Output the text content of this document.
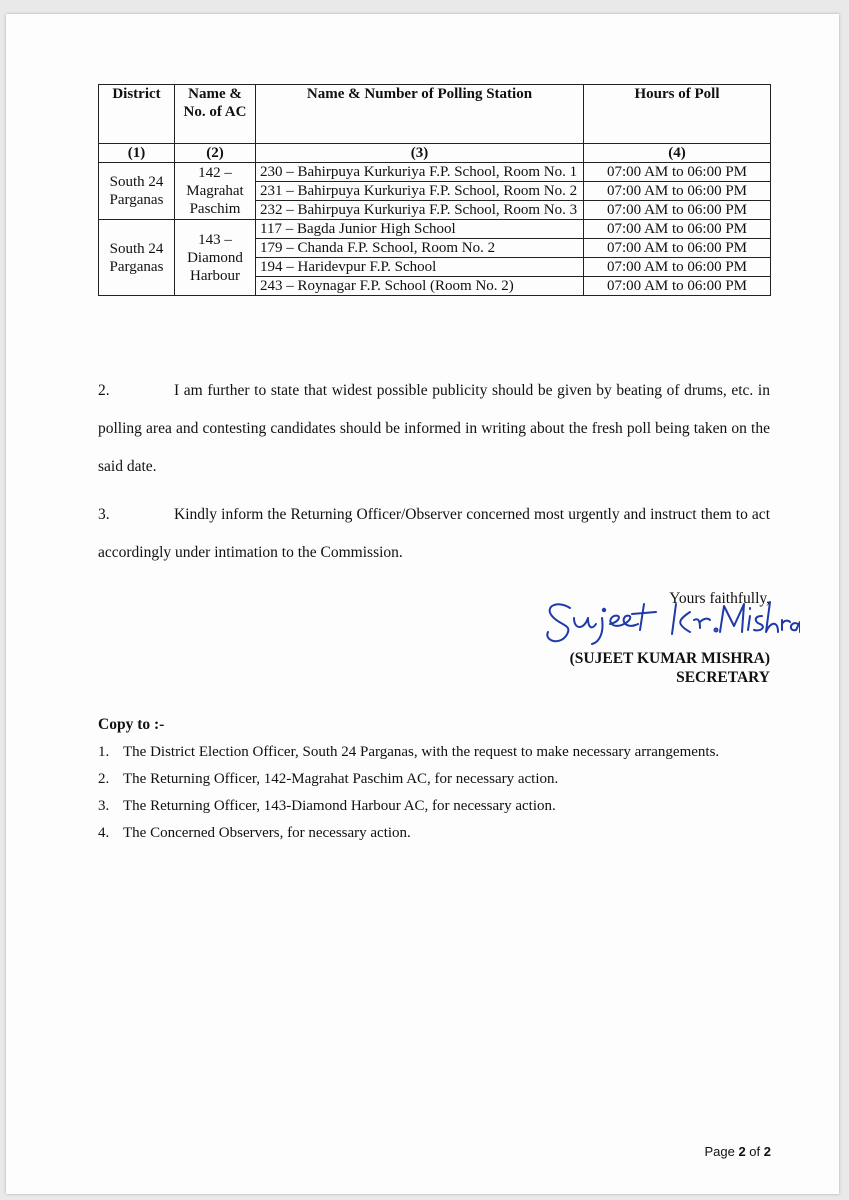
District	Name & No. of AC	Name & Number of Polling Station	Hours of Poll
(1)	(2)	(3)	(4)
South 24 Parganas	142 – Magrahat Paschim	230 – Bahirpuya Kurkuriya F.P. School, Room No. 1	07:00 AM to 06:00 PM
		231 – Bahirpuya Kurkuriya F.P. School, Room No. 2	07:00 AM to 06:00 PM
		232 – Bahirpuya Kurkuriya F.P. School, Room No. 3	07:00 AM to 06:00 PM
South 24 Parganas	143 – Diamond Harbour	117 – Bagda Junior High School	07:00 AM to 06:00 PM
		179 – Chanda F.P. School, Room No. 2	07:00 AM to 06:00 PM
		194 – Haridevpur F.P. School	07:00 AM to 06:00 PM
		243 – Roynagar F.P. School (Room No. 2)	07:00 AM to 06:00 PM
2.	I am further to state that widest possible publicity should be given by beating of drums, etc. in polling area and contesting candidates should be informed in writing about the fresh poll being taken on the said date.
3.	Kindly inform the Returning Officer/Observer concerned most urgently and instruct them to act accordingly under intimation to the Commission.
Yours faithfully,
(SUJEET KUMAR MISHRA)
SECRETARY
Copy to :-
1. The District Election Officer, South 24 Parganas, with the request to make necessary arrangements.
2. The Returning Officer, 142-Magrahat Paschim AC, for necessary action.
3. The Returning Officer, 143-Diamond Harbour AC, for necessary action.
4. The Concerned Observers, for necessary action.
Page 2 of 2
